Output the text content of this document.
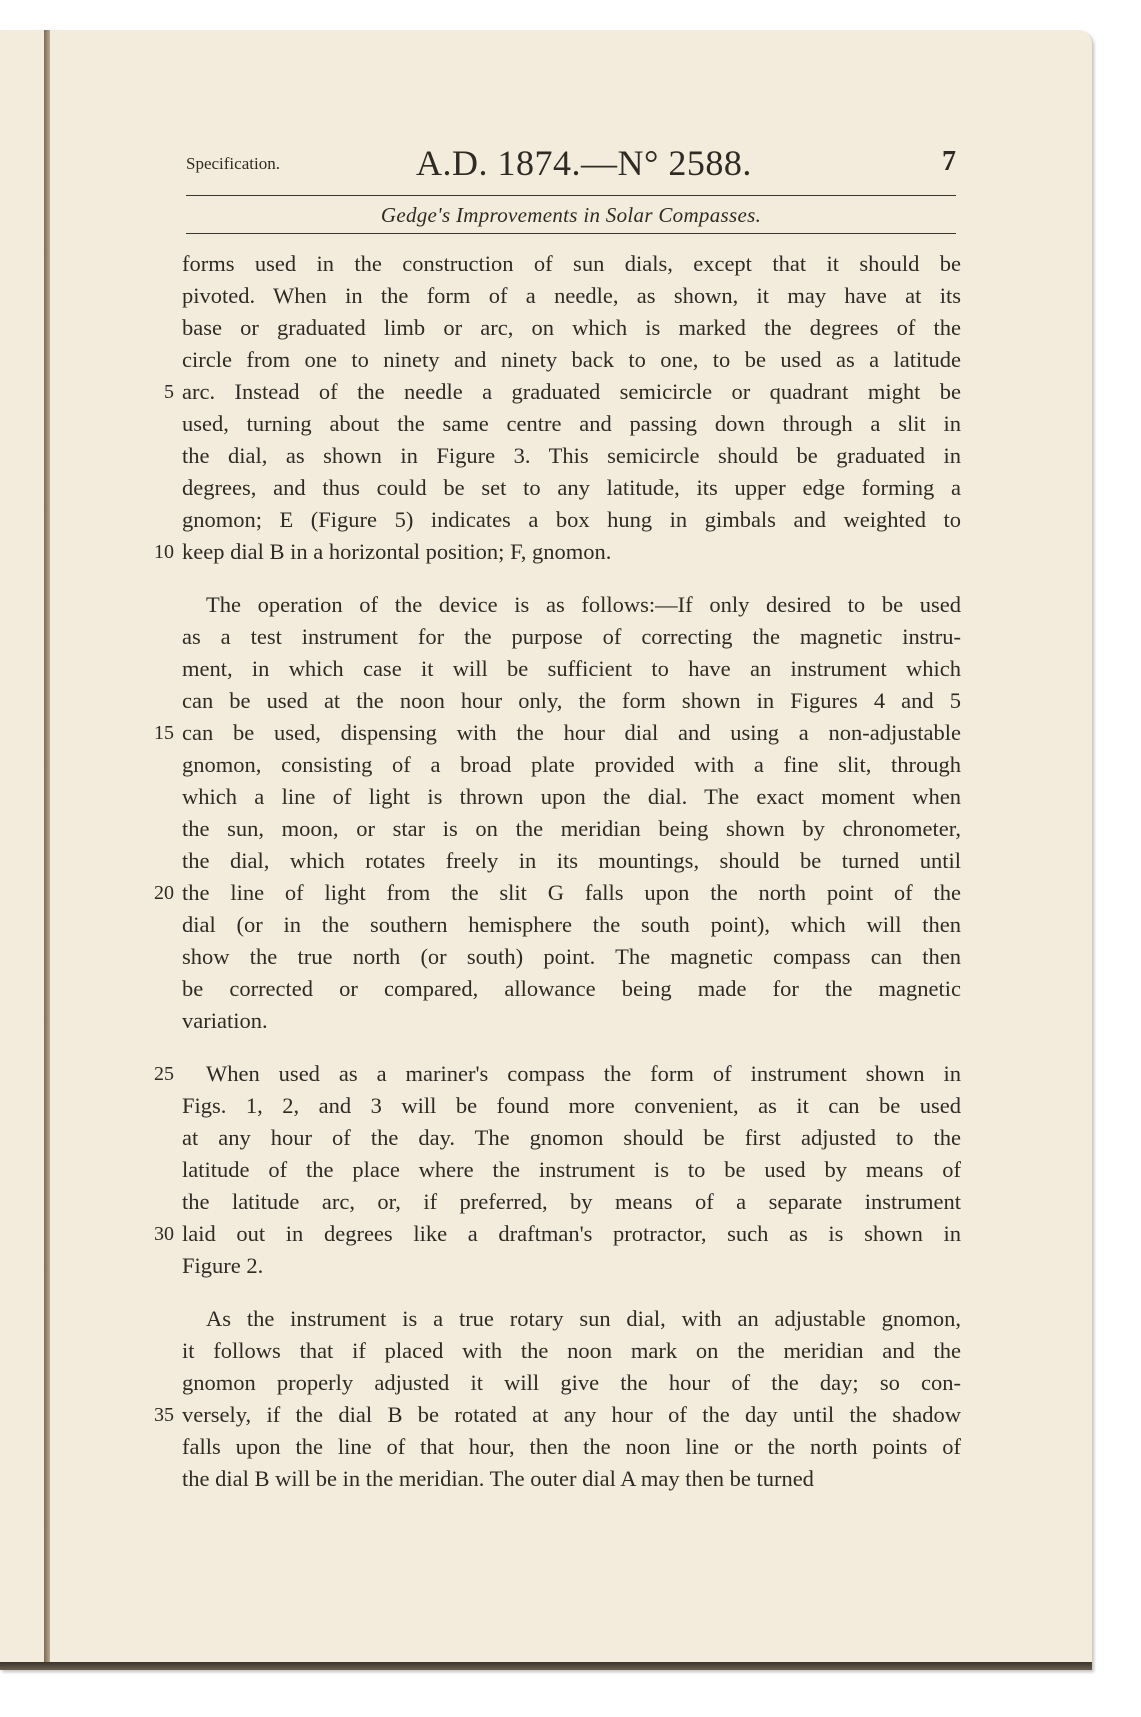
Specification.	A.D. 1874.—N° 2588.	7
Gedge's Improvements in Solar Compasses.
forms used in the construction of sun dials, except that it should be
pivoted. When in the form of a needle, as shown, it may have at its
base or graduated limb or arc, on which is marked the degrees of the
circle from one to ninety and ninety back to one, to be used as a latitude
arc. Instead of the needle a graduated semicircle or quadrant might be
used, turning about the same centre and passing down through a slit in
the dial, as shown in Figure 3. This semicircle should be graduated in
degrees, and thus could be set to any latitude, its upper edge forming a
gnomon; E (Figure 5) indicates a box hung in gimbals and weighted to
keep dial B in a horizontal position; F, gnomon.
The operation of the device is as follows:—If only desired to be used
as a test instrument for the purpose of correcting the magnetic instru-
ment, in which case it will be sufficient to have an instrument which
can be used at the noon hour only, the form shown in Figures 4 and 5
can be used, dispensing with the hour dial and using a non-adjustable
gnomon, consisting of a broad plate provided with a fine slit, through
which a line of light is thrown upon the dial. The exact moment when
the sun, moon, or star is on the meridian being shown by chronometer,
the dial, which rotates freely in its mountings, should be turned until
the line of light from the slit G falls upon the north point of the
dial (or in the southern hemisphere the south point), which will then
show the true north (or south) point. The magnetic compass can then
be corrected or compared, allowance being made for the magnetic
variation.
When used as a mariner's compass the form of instrument shown in
Figs. 1, 2, and 3 will be found more convenient, as it can be used
at any hour of the day. The gnomon should be first adjusted to the
latitude of the place where the instrument is to be used by means of
the latitude arc, or, if preferred, by means of a separate instrument
laid out in degrees like a draftman's protractor, such as is shown in
Figure 2.
As the instrument is a true rotary sun dial, with an adjustable gnomon,
it follows that if placed with the noon mark on the meridian and the
gnomon properly adjusted it will give the hour of the day; so con-
versely, if the dial B be rotated at any hour of the day until the shadow
falls upon the line of that hour, then the noon line or the north points of
the dial B will be in the meridian. The outer dial A may then be turned
5
10
15
20
25
30
35
